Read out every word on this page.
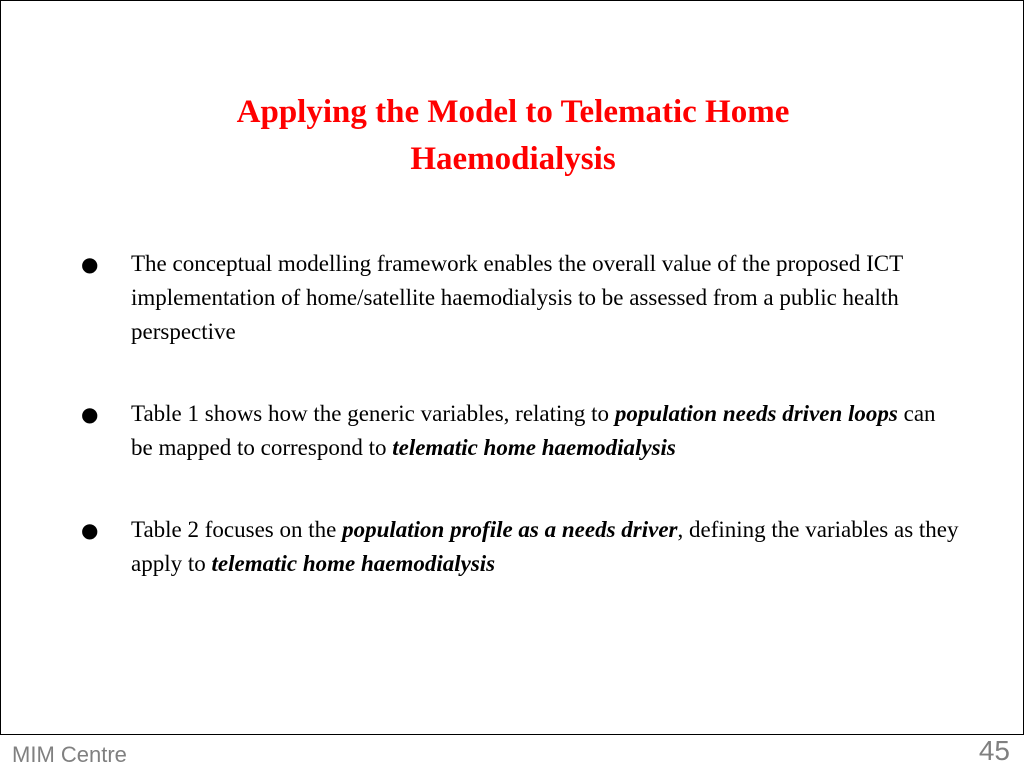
Applying the Model to Telematic Home
Haemodialysis
● The conceptual modelling framework enables the overall value of the proposed ICT implementation of home/satellite haemodialysis to be assessed from a public health perspective
● Table 1 shows how the generic variables, relating to population needs driven loops can be mapped to correspond to telematic home haemodialysis
● Table 2 focuses on the population profile as a needs driver, defining the variables as they apply to telematic home haemodialysis
MIM Centre	45
